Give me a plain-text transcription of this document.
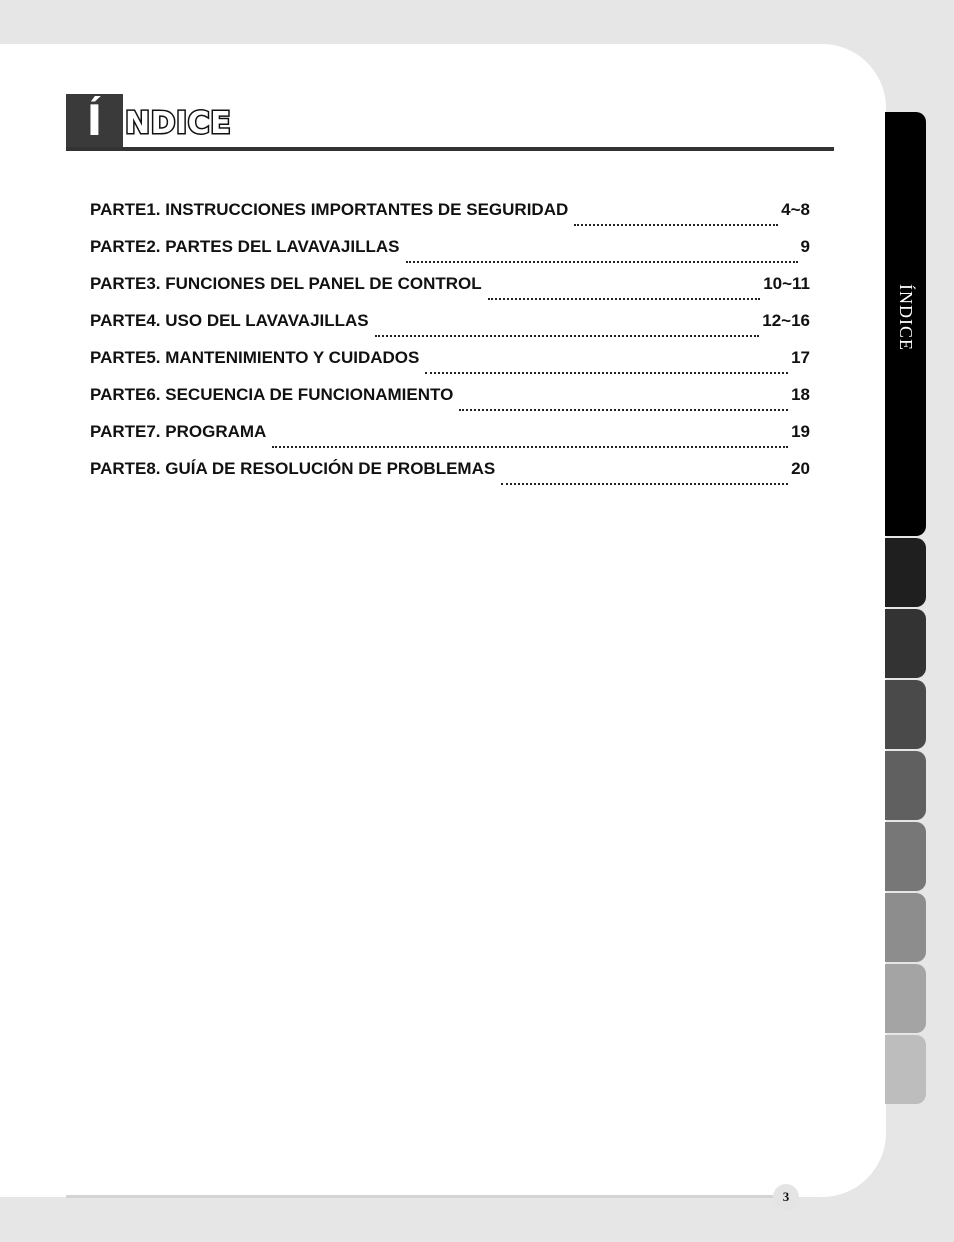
Í NDICE
PARTE1. INSTRUCCIONES IMPORTANTES DE SEGURIDAD	4~8
PARTE2. PARTES DEL LAVAVAJILLAS	9
PARTE3. FUNCIONES DEL PANEL DE CONTROL	10~11
PARTE4. USO DEL LAVAVAJILLAS	12~16
PARTE5. MANTENIMIENTO Y CUIDADOS	17
PARTE6. SECUENCIA DE FUNCIONAMIENTO	18
PARTE7. PROGRAMA	19
PARTE8. GUÍA DE RESOLUCIÓN DE PROBLEMAS	20
ÍNDICE
3
